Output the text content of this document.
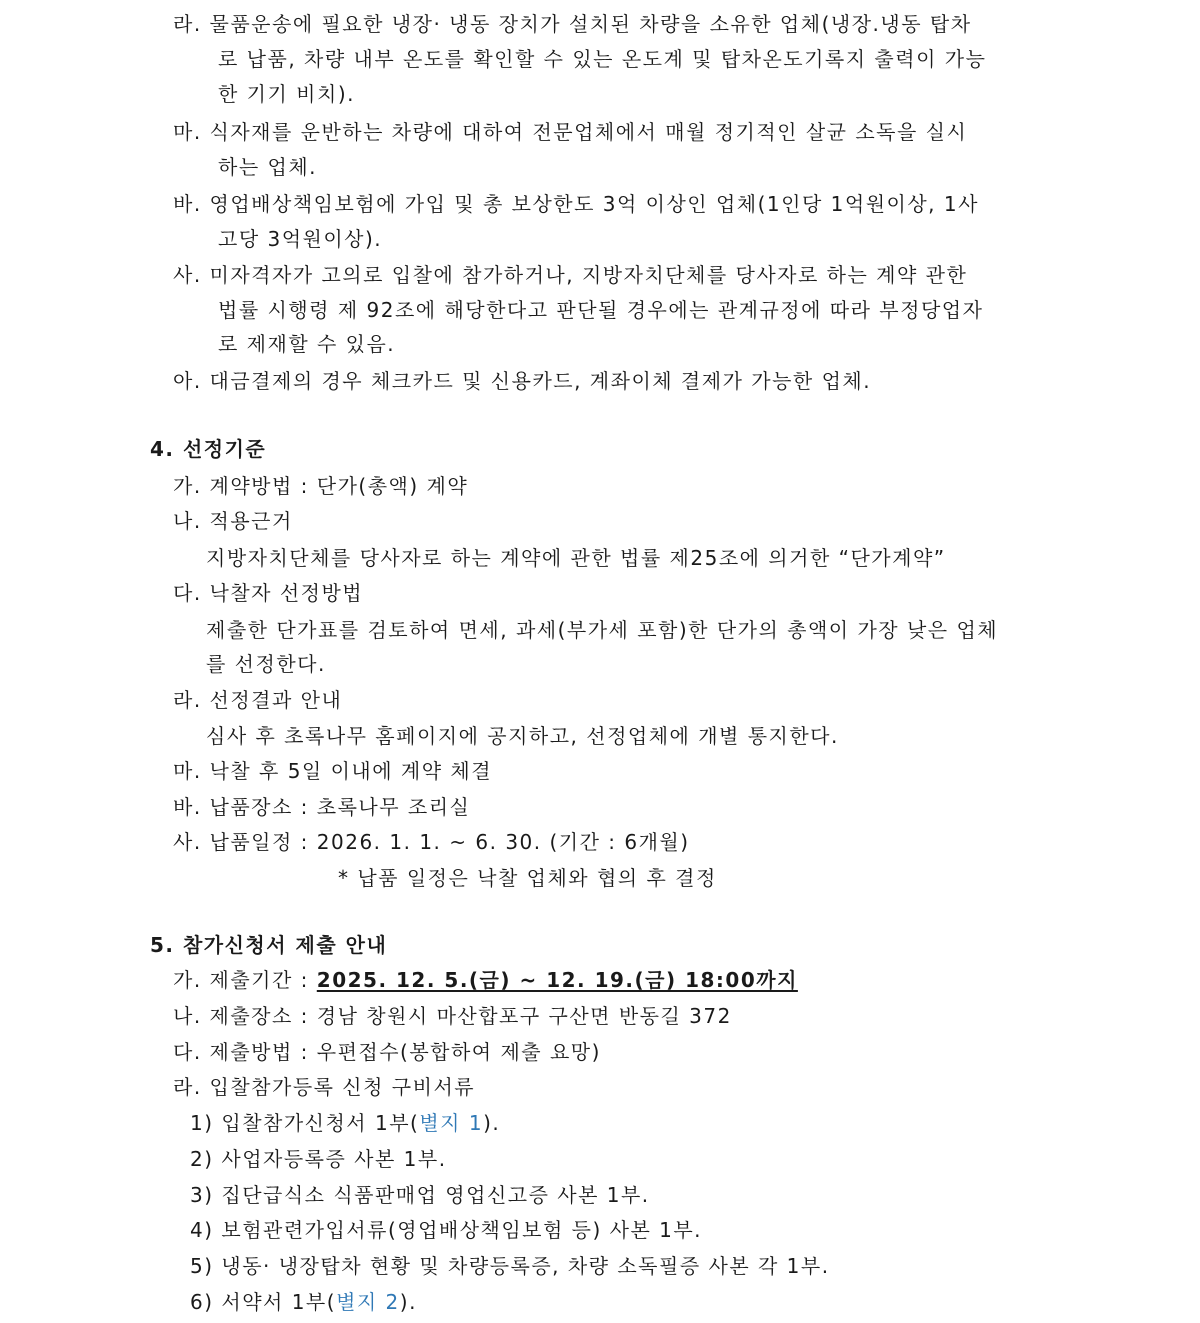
라. 물품운송에 필요한 냉장· 냉동 장치가 설치된 차량을 소유한 업체(냉장.냉동 탑차
로 납품, 차량 내부 온도를 확인할 수 있는 온도계 및 탑차온도기록지 출력이 가능
한 기기 비치).
마. 식자재를 운반하는 차량에 대하여 전문업체에서 매월 정기적인 살균 소독을 실시
하는 업체.
바. 영업배상책임보험에 가입 및 총 보상한도 3억 이상인 업체(1인당 1억원이상, 1사
고당 3억원이상).
사. 미자격자가 고의로 입찰에 참가하거나, 지방자치단체를 당사자로 하는 계약 관한
법률 시행령 제 92조에 해당한다고 판단될 경우에는 관계규정에 따라 부정당업자
로 제재할 수 있음.
아. 대금결제의 경우 체크카드 및 신용카드, 계좌이체 결제가 가능한 업체.
4. 선정기준
가. 계약방법 : 단가(총액) 계약
나. 적용근거
지방자치단체를 당사자로 하는 계약에 관한 법률 제25조에 의거한 “단가계약”
다. 낙찰자 선정방법
제출한 단가표를 검토하여 면세, 과세(부가세 포함)한 단가의 총액이 가장 낮은 업체
를 선정한다.
라. 선정결과 안내
심사 후 초록나무 홈페이지에 공지하고, 선정업체에 개별 통지한다.
마. 낙찰 후 5일 이내에 계약 체결
바. 납품장소 : 초록나무 조리실
사. 납품일정 : 2026. 1. 1. ~ 6. 30. (기간 : 6개월)
* 납품 일정은 낙찰 업체와 협의 후 결정
5. 참가신청서 제출 안내
가. 제출기간 : 2025. 12. 5.(금) ~ 12. 19.(금) 18:00까지
나. 제출장소 : 경남 창원시 마산합포구 구산면 반동길 372
다. 제출방법 : 우편접수(봉합하여 제출 요망)
라. 입찰참가등록 신청 구비서류
1) 입찰참가신청서 1부(별지 1).
2) 사업자등록증 사본 1부.
3) 집단급식소 식품판매업 영업신고증 사본 1부.
4) 보험관련가입서류(영업배상책임보험 등) 사본 1부.
5) 냉동· 냉장탑차 현황 및 차량등록증, 차량 소독필증 사본 각 1부.
6) 서약서 1부(별지 2).
